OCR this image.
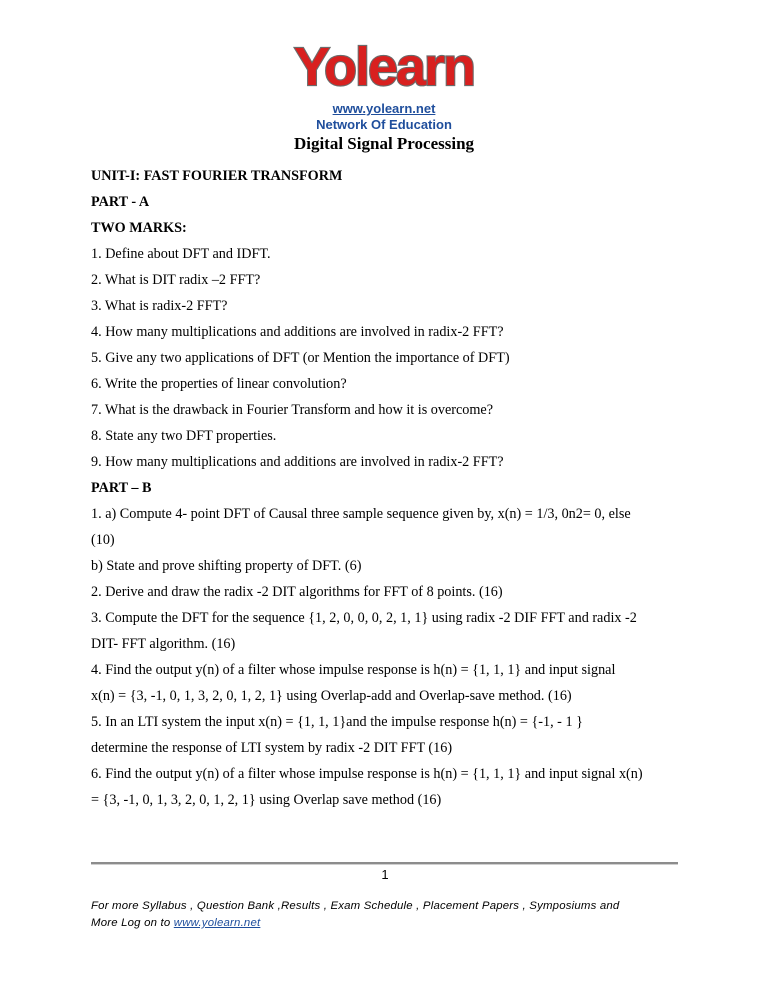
Yolearn
www.yolearn.net
Network Of Education
Digital Signal Processing
UNIT-I: FAST FOURIER TRANSFORM
PART - A
TWO MARKS:
1. Define about DFT and IDFT.
2. What is DIT radix –2 FFT?
3. What is radix-2 FFT?
4. How many multiplications and additions are involved in radix-2 FFT?
5. Give any two applications of DFT (or Mention the importance of DFT)
6. Write the properties of linear convolution?
7. What is the drawback in Fourier Transform and how it is overcome?
8. State any two DFT properties.
9. How many multiplications and additions are involved in radix-2 FFT?
PART – B
1. a) Compute 4- point DFT of Causal three sample sequence given by, x(n) = 1/3, 0n2= 0, else
(10)
b) State and prove shifting property of DFT. (6)
2. Derive and draw the radix -2 DIT algorithms for FFT of 8 points. (16)
3. Compute the DFT for the sequence {1, 2, 0, 0, 0, 2, 1, 1} using radix -2 DIF FFT and radix -2
DIT- FFT algorithm. (16)
4. Find the output y(n) of a filter whose impulse response is h(n) = {1, 1, 1} and input signal
x(n) = {3, -1, 0, 1, 3, 2, 0, 1, 2, 1} using Overlap-add and Overlap-save method. (16)
5. In an LTI system the input x(n) = {1, 1, 1}and the impulse response h(n) = {-1, - 1 }
determine the response of LTI system by radix -2 DIT FFT (16)
6. Find the output y(n) of a filter whose impulse response is h(n) = {1, 1, 1} and input signal x(n)
= {3, -1, 0, 1, 3, 2, 0, 1, 2, 1} using Overlap save method (16)
1
For more Syllabus , Question Bank ,Results , Exam Schedule , Placement Papers , Symposiums and
More Log on to www.yolearn.net
